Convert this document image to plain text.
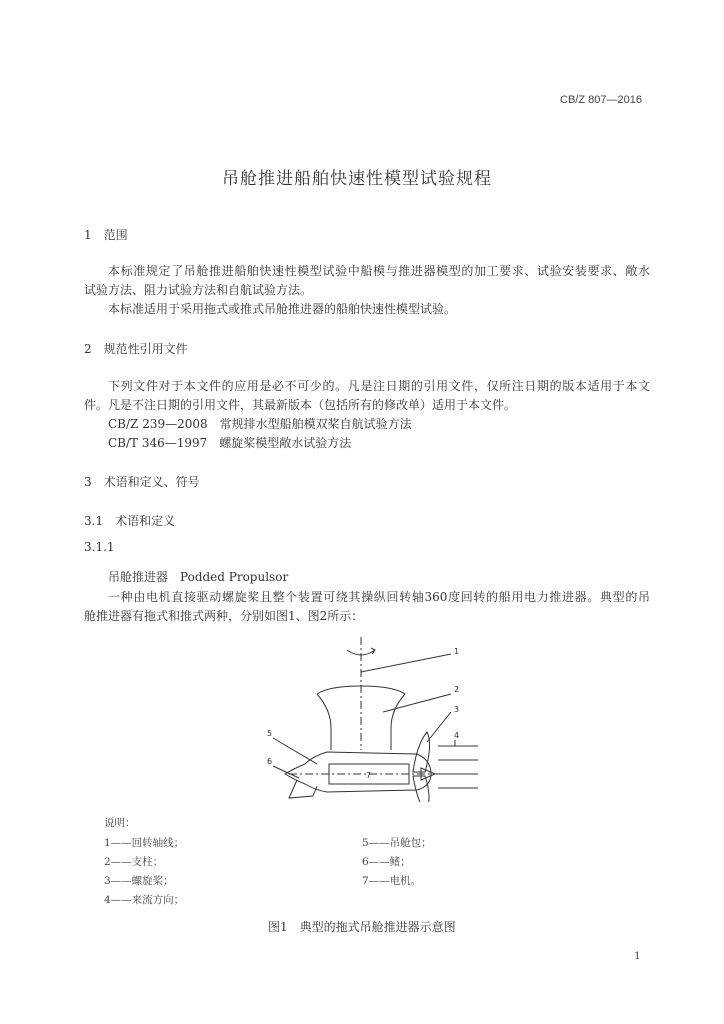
CB/Z 807—2016
吊舱推进船舶快速性模型试验规程
1　范围
本标准规定了吊舱推进船舶快速性模型试验中船模与推进器模型的加工要求、试验安装要求、敞水
试验方法、阻力试验方法和自航试验方法。
本标准适用于采用拖式或推式吊舱推进器的船舶快速性模型试验。
2　规范性引用文件
下列文件对于本文件的应用是必不可少的。凡是注日期的引用文件，仅所注日期的版本适用于本文
件。凡是不注日期的引用文件，其最新版本（包括所有的修改单）适用于本文件。
CB/Z 239—2008　常规排水型船舶模双桨自航试验方法
CB/T 346—1997　螺旋桨模型敞水试验方法
3　术语和定义、符号
3.1　术语和定义
3.1.1
吊舱推进器　Podded Propulsor
一种由电机直接驱动螺旋桨且整个装置可绕其操纵回转轴360度回转的船用电力推进器。典型的吊
舱推进器有拖式和推式两种，分别如图1、图2所示：
1
2
3
4
5
6
7
说明：
1——回转轴线；
2——支柱；
3——螺旋桨；
4——来流方向；
5——吊舱包；
6——鳍；
7——电机。
图1　典型的拖式吊舱推进器示意图
1
